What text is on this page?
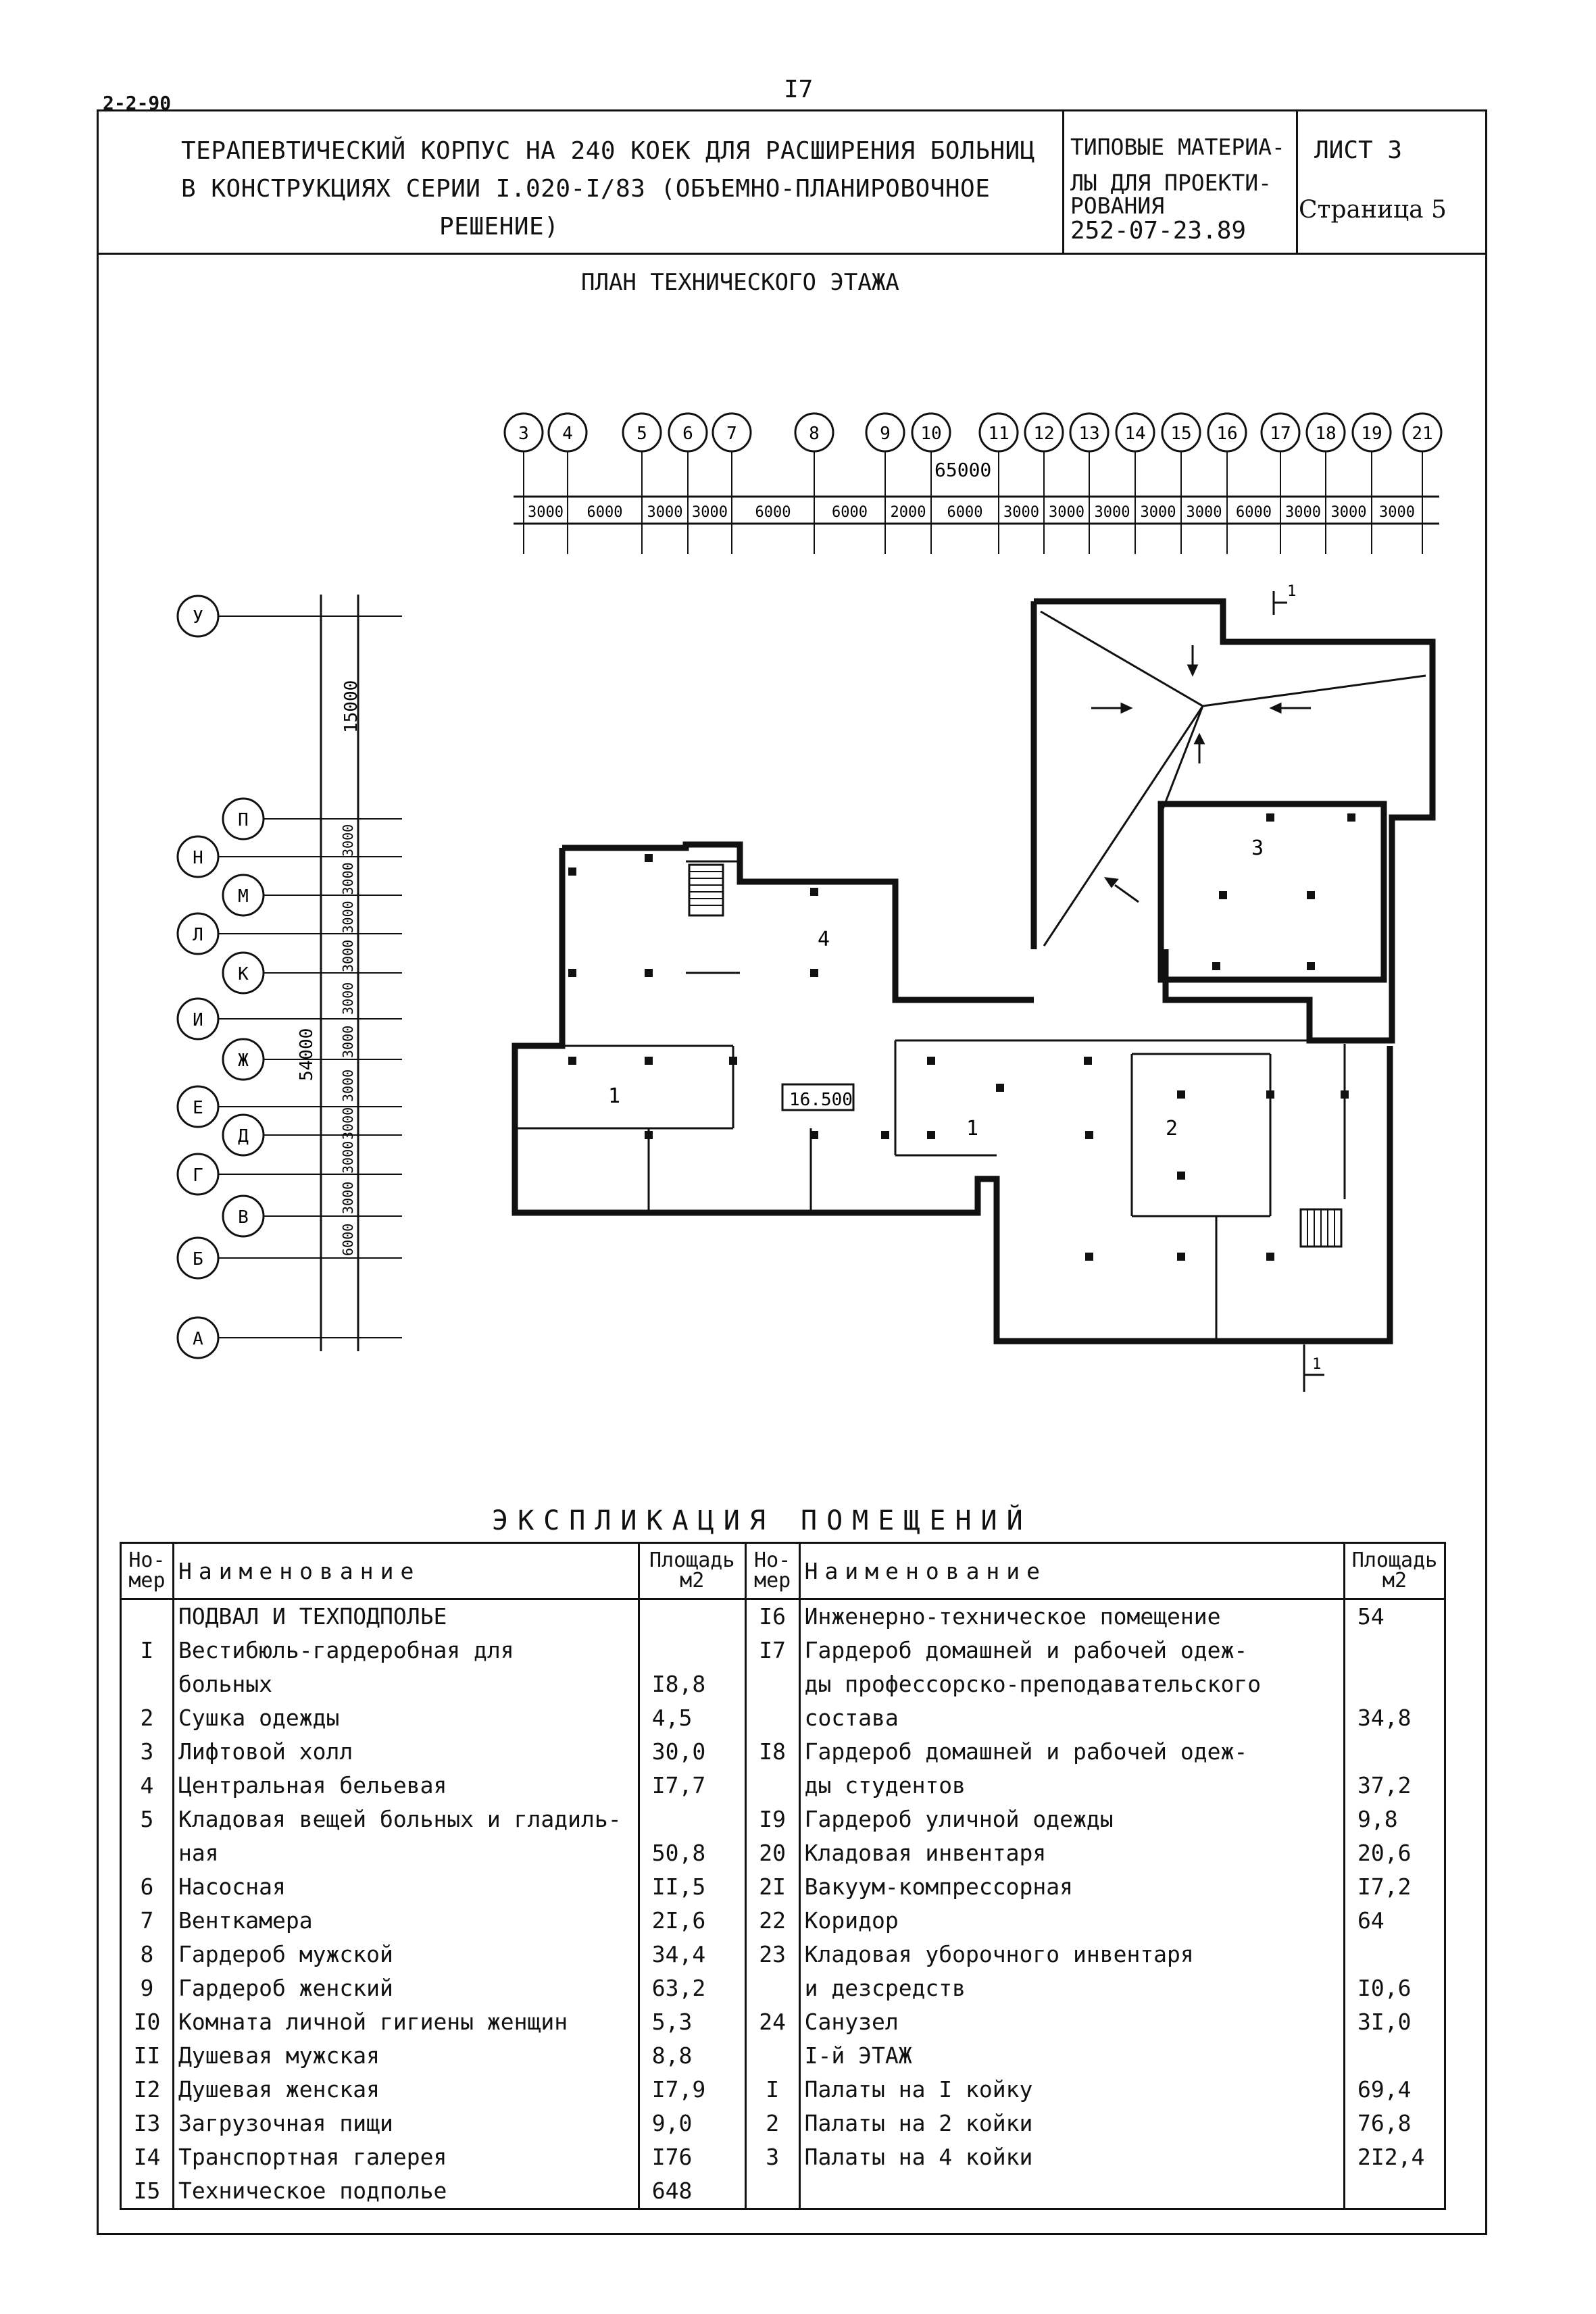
2-2-90	I7
ТЕРАПЕВТИЧЕСКИЙ КОРПУС НА 240 КОЕК ДЛЯ РАСШИРЕНИЯ БОЛЬНИЦ
В КОНСТРУКЦИЯХ СЕРИИ I.020-I/83 (ОБЪЕМНО-ПЛАНИРОВОЧНОЕ
РЕШЕНИЕ)
ТИПОВЫЕ МАТЕРИА-
ЛЫ ДЛЯ ПРОЕКТИ-
РОВАНИЯ
252-07-23.89
ЛИСТ 3
Страница 5
ПЛАН ТЕХНИЧЕСКОГО ЭТАЖА
3 4	5 6 7	8	9 10	11 12 13 14 15 16 17 18 19 21
3000 6000 3000 3000 6000	6000 2000 6000 3000 3000 3000 3000 3000 6000 3000 3000 3000
У
П
Н
М
Л
К
И
Ж
Е
Д
Г
В
Б
А
3000
3000
3000
3000
3000
3000
3000
3000
3000
3000
6000
65000
15000
54000
16.500
1
4
1	2
3
1
1
ЭКСПЛИКАЦИЯ ПОМЕЩЕНИЙ
Но-
мер	Наименование	Площадь
м2	Но-
мер	Наименование	Площадь
м2
	ПОДВАЛ И ТЕХПОДПОЛЬЕ		I6	Инженерно-техническое помещение	54
I	Вестибюль-гардеробная для		I7	Гардероб домашней и рабочей одеж-	
	больных	I8,8		ды профессорско-преподавательского	
2	Сушка одежды	4,5		состава	34,8
3	Лифтовой холл	30,0	I8	Гардероб домашней и рабочей одеж-	
4	Центральная бельевая	I7,7		ды студентов	37,2
5	Кладовая вещей больных и гладиль-		I9	Гардероб уличной одежды	9,8
	ная	50,8	20	Кладовая инвентаря	20,6
6	Насосная	II,5	2I	Вакуум-компрессорная	I7,2
7	Венткамера	2I,6	22	Коридор	64
8	Гардероб мужской	34,4	23	Кладовая уборочного инвентаря	
9	Гардероб женский	63,2		и дезсредств	I0,6
I0	Комната личной гигиены женщин	5,3	24	Санузел	3I,0
II	Душевая мужская	8,8		I-й ЭТАЖ	
I2	Душевая женская	I7,9	I	Палаты на I койку	69,4
I3	Загрузочная пищи	9,0	2	Палаты на 2 койки	76,8
I4	Транспортная галерея	I76	3	Палаты на 4 койки	2I2,4
I5	Техническое подполье	648			
